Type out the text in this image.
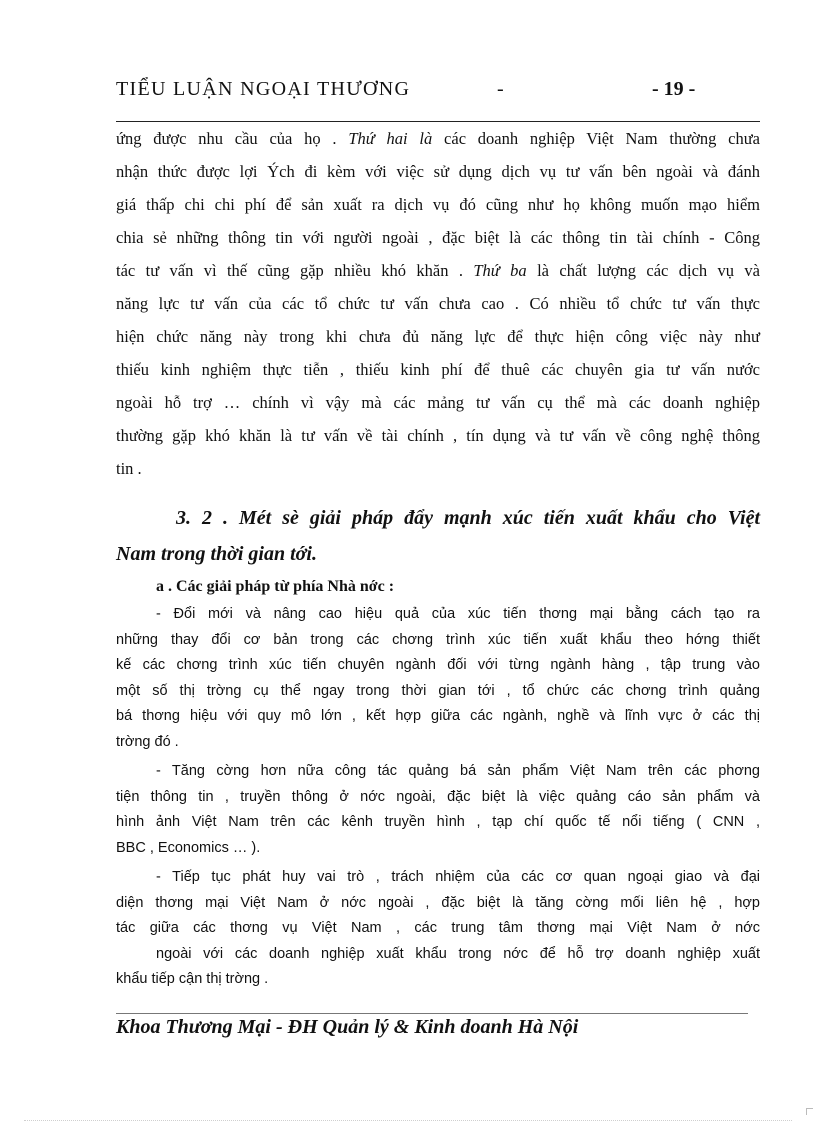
TIỂU LUẬN NGOẠI THƯƠNG	-	- 19 -
ứng được nhu cầu của họ . Thứ hai là các doanh nghiệp Việt Nam thường chưa
nhận thức được lợi Ých đi kèm với việc sử dụng dịch vụ tư vấn bên ngoài và đánh
giá thấp chi chi phí để sản xuất ra dịch vụ đó cũng như họ không muốn mạo hiểm
chia sẻ những thông tin với người ngoài , đặc biệt là các thông tin tài chính - Công
tác tư vấn vì thế cũng gặp nhiều khó khăn . Thứ ba là chất lượng các dịch vụ và
năng lực tư vấn của các tổ chức tư vấn chưa cao . Có nhiều tổ chức tư vấn thực
hiện chức năng này trong khi chưa đủ năng lực để thực hiện công việc này như
thiếu kinh nghiệm thực tiễn , thiếu kinh phí để thuê các chuyên gia tư vấn nước
ngoài hỗ trợ … chính vì vậy mà các mảng tư vấn cụ thể mà các doanh nghiệp
thường gặp khó khăn là tư vấn về tài chính , tín dụng và tư vấn về công nghệ thông
tin .
3. 2 . Mét sè giải pháp đẩy mạnh xúc tiến xuất khẩu cho Việt
Nam trong thời gian tới.
a . Các giải pháp từ phía Nhà nớc :
- Đổi mới và nâng cao hiệu quả của xúc tiến thơng mại bằng cách tạo ra
những thay đổi cơ bản trong các chơng trình xúc tiến xuất khẩu theo hớng thiết
kế các chơng trình xúc tiến chuyên ngành đối với từng ngành hàng , tập trung vào
một số thị trờng cụ thể ngay trong thời gian tới , tổ chức các chơng trình quảng
bá thơng hiệu với quy mô lớn , kết hợp giữa các ngành, nghề và lĩnh vực ở các thị
trờng đó .
- Tăng cờng hơn nữa công tác quảng bá sản phẩm Việt Nam trên các phơng
tiện thông tin , truyền thông ở nớc ngoài, đặc biệt là việc quảng cáo sản phẩm và
hình ảnh Việt Nam trên các kênh truyền hình , tạp chí quốc tế nổi tiếng ( CNN ,
BBC , Economics … ).
- Tiếp tục phát huy vai trò , trách nhiệm của các cơ quan ngoại giao và đại
diện thơng mại Việt Nam ở nớc ngoài , đặc biệt là tăng cờng mối liên hệ , hợp
tác giữa các thơng vụ Việt Nam , các trung tâm thơng mại Việt Nam ở nớc
ngoài với các doanh nghiệp xuất khẩu trong nớc để hỗ trợ doanh nghiệp xuất
khẩu tiếp cận thị trờng .
Khoa Thương Mại - ĐH Quản lý & Kinh doanh Hà Nội
